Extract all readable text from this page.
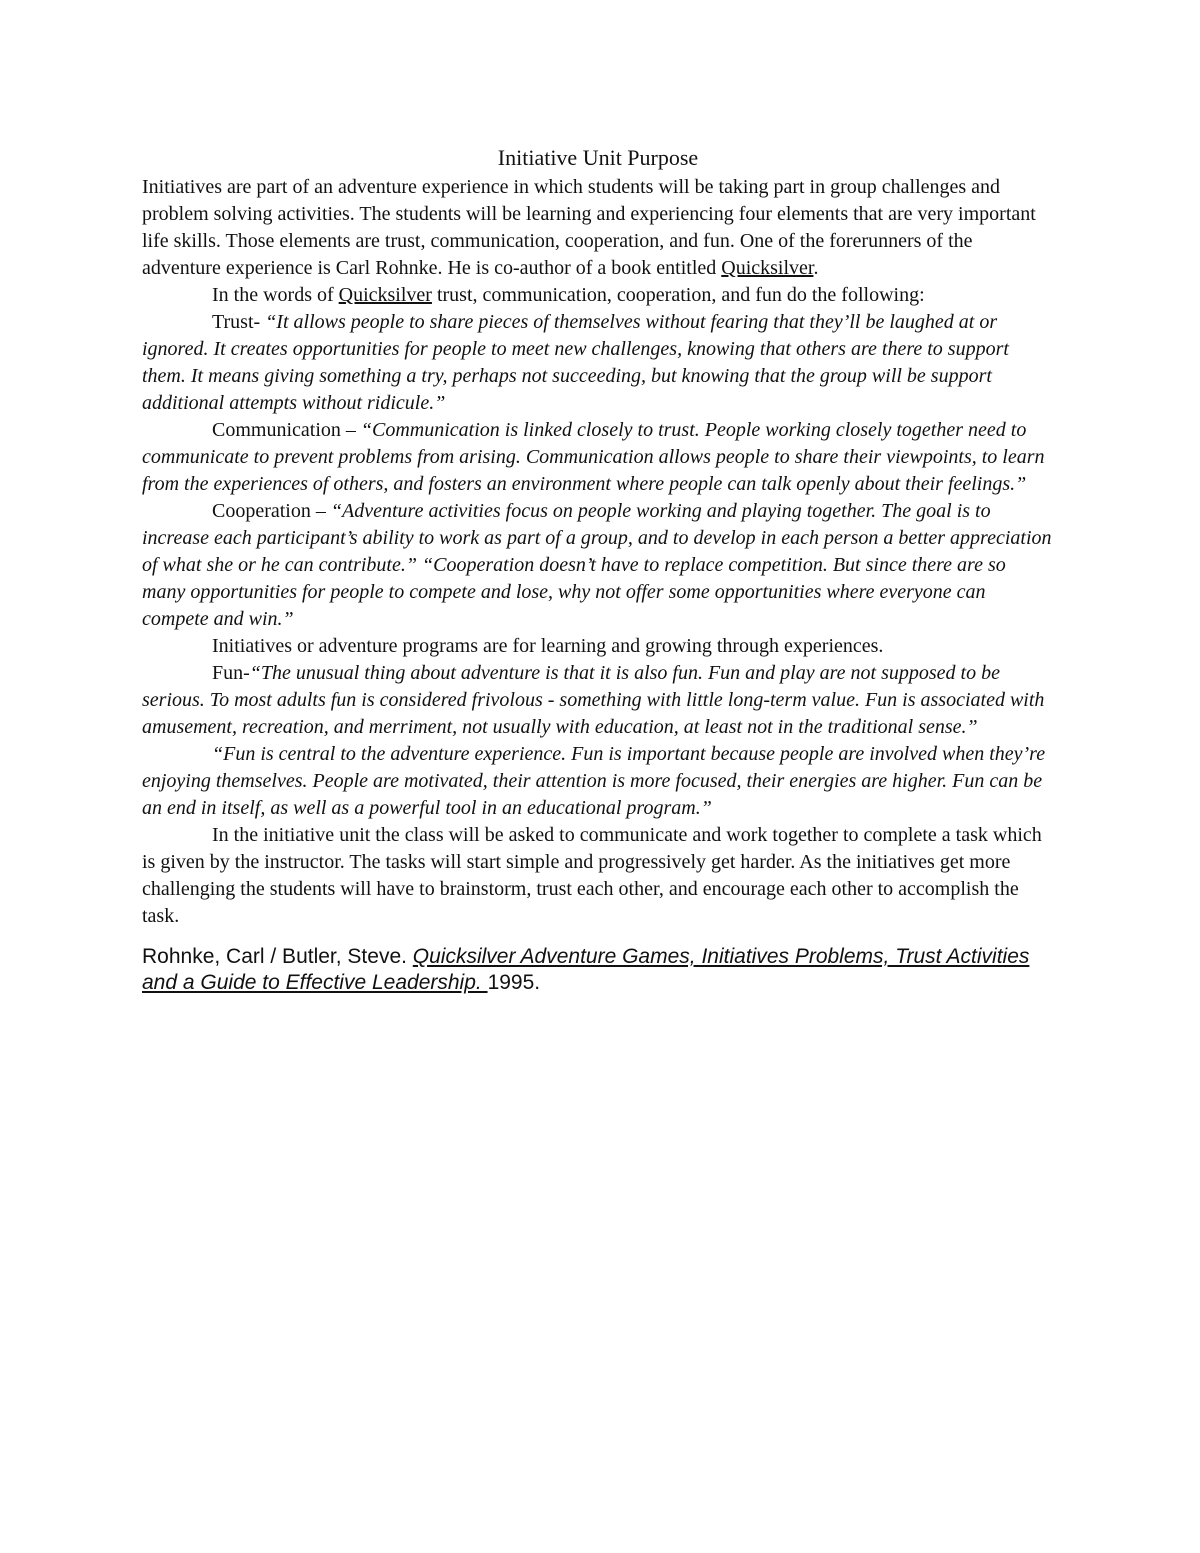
Initiative Unit Purpose

Initiatives are part of an adventure experience in which students will be taking part in group challenges and problem solving activities. The students will be learning and experiencing four elements that are very important life skills. Those elements are trust, communication, cooperation, and fun. One of the forerunners of the adventure experience is Carl Rohnke. He is co-author of a book entitled Quicksilver.

In the words of Quicksilver trust, communication, cooperation, and fun do the following:

Trust- “It allows people to share pieces of themselves without fearing that they’ll be laughed at or ignored. It creates opportunities for people to meet new challenges, knowing that others are there to support them. It means giving something a try, perhaps not succeeding, but knowing that the group will be support additional attempts without ridicule.”

Communication – “Communication is linked closely to trust. People working closely together need to communicate to prevent problems from arising. Communication allows people to share their viewpoints, to learn from the experiences of others, and fosters an environment where people can talk openly about their feelings.”

Cooperation – “Adventure activities focus on people working and playing together. The goal is to increase each participant’s ability to work as part of a group, and to develop in each person a better appreciation of what she or he can contribute.” “Cooperation doesn’t have to replace competition. But since there are so many opportunities for people to compete and lose, why not offer some opportunities where everyone can compete and win.”

Initiatives or adventure programs are for learning and growing through experiences.

Fun-“The unusual thing about adventure is that it is also fun. Fun and play are not supposed to be serious. To most adults fun is considered frivolous - something with little long-term value. Fun is associated with amusement, recreation, and merriment, not usually with education, at least not in the traditional sense.”

“Fun is central to the adventure experience. Fun is important because people are involved when they’re enjoying themselves. People are motivated, their attention is more focused, their energies are higher. Fun can be an end in itself, as well as a powerful tool in an educational program.”

In the initiative unit the class will be asked to communicate and work together to complete a task which is given by the instructor. The tasks will start simple and progressively get harder. As the initiatives get more challenging the students will have to brainstorm, trust each other, and encourage each other to accomplish the task.

Rohnke, Carl / Butler, Steve. Quicksilver Adventure Games, Initiatives Problems, Trust Activities and a Guide to Effective Leadership. 1995.
